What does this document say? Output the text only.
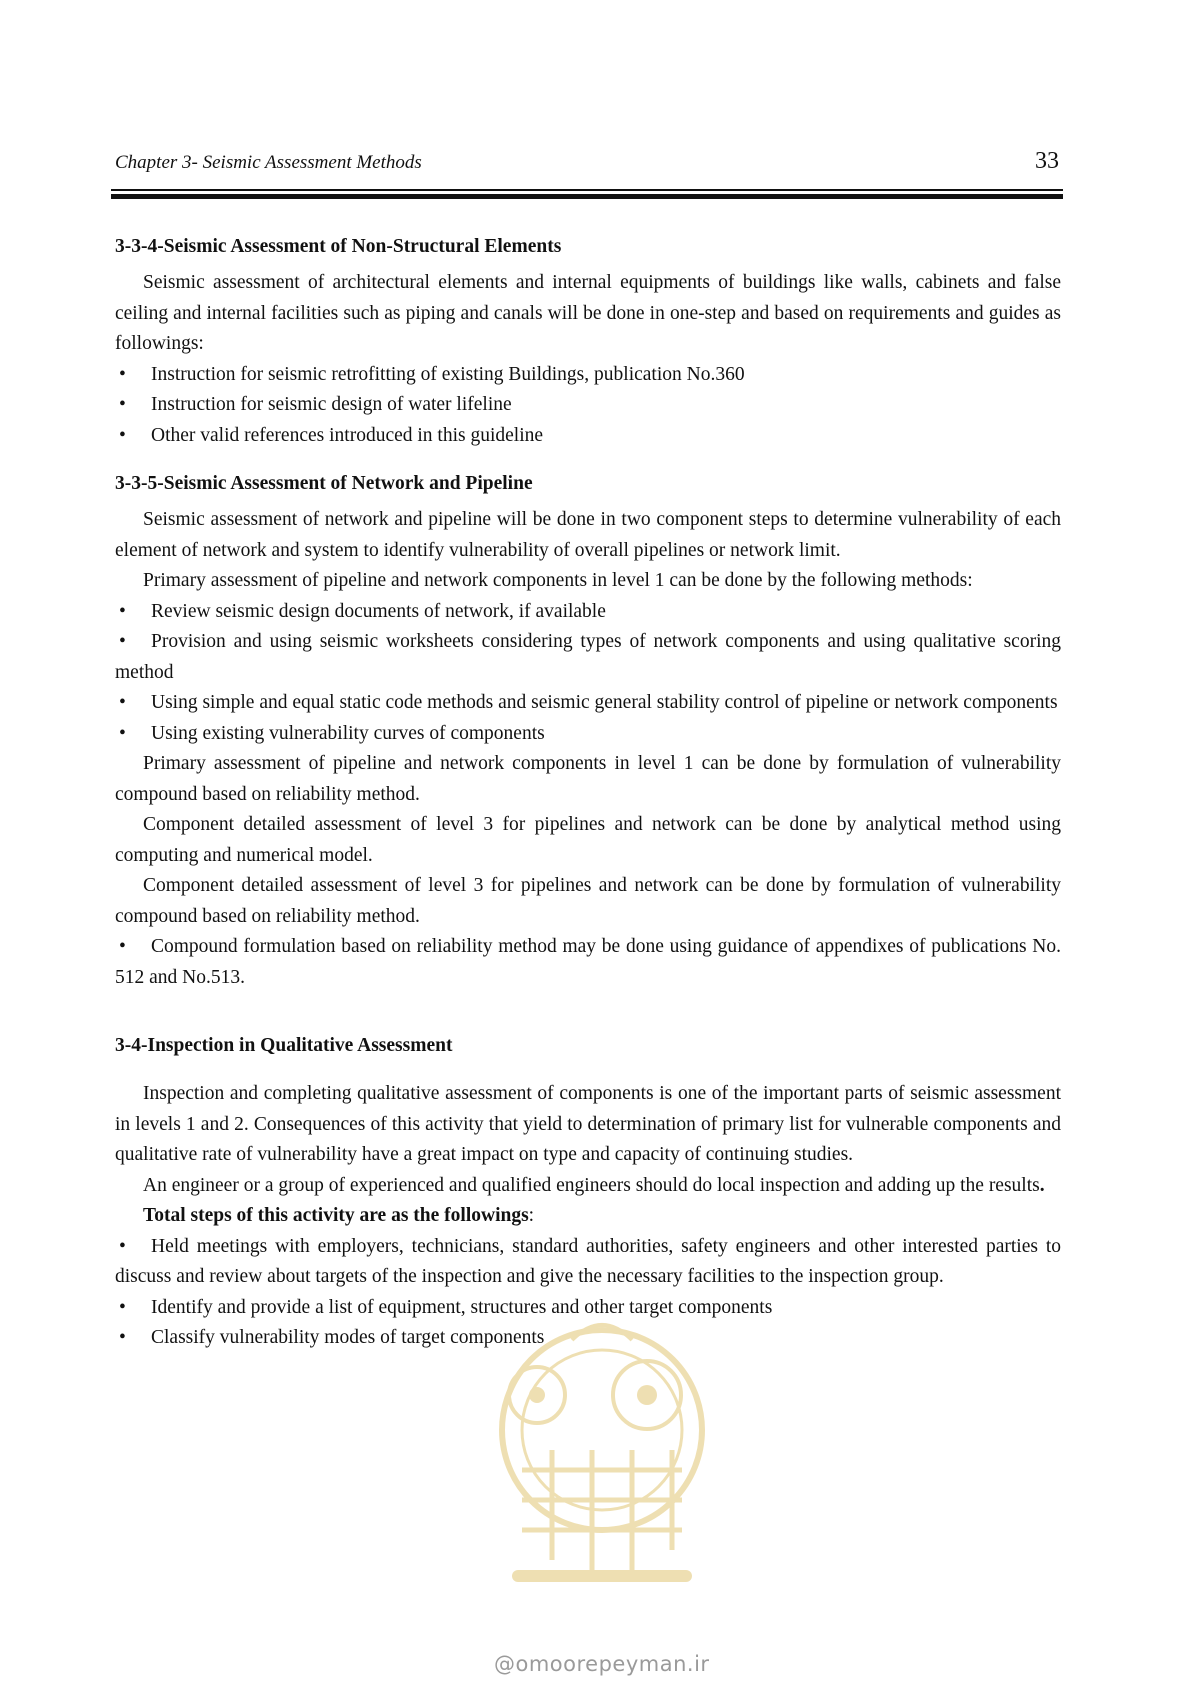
Chapter 3- Seismic Assessment Methods	33
3-3-4-Seismic Assessment of Non-Structural Elements

Seismic assessment of architectural elements and internal equipments of buildings like walls, cabinets and false ceiling and internal facilities such as piping and canals will be done in one-step and based on requirements and guides as followings:

• Instruction for seismic retrofitting of existing Buildings, publication No.360
• Instruction for seismic design of water lifeline
• Other valid references introduced in this guideline
3-3-5-Seismic Assessment of Network and Pipeline

Seismic assessment of network and pipeline will be done in two component steps to determine vulnerability of each element of network and system to identify vulnerability of overall pipelines or network limit.

Primary assessment of pipeline and network components in level 1 can be done by the following methods:

• Review seismic design documents of network, if available
• Provision and using seismic worksheets considering types of network components and using qualitative scoring method
• Using simple and equal static code methods and seismic general stability control of pipeline or network components
• Using existing vulnerability curves of components

Primary assessment of pipeline and network components in level 1 can be done by formulation of vulnerability compound based on reliability method.

Component detailed assessment of level 3 for pipelines and network can be done by analytical method using computing and numerical model.

Component detailed assessment of level 3 for pipelines and network can be done by formulation of vulnerability compound based on reliability method.

• Compound formulation based on reliability method may be done using guidance of appendixes of publications No. 512 and No.513.
3-4-Inspection in Qualitative Assessment

Inspection and completing qualitative assessment of components is one of the important parts of seismic assessment in levels 1 and 2. Consequences of this activity that yield to determination of primary list for vulnerable components and qualitative rate of vulnerability have a great impact on type and capacity of continuing studies.

An engineer or a group of experienced and qualified engineers should do local inspection and adding up the results.

Total steps of this activity are as the followings:

• Held meetings with employers, technicians, standard authorities, safety engineers and other interested parties to discuss and review about targets of the inspection and give the necessary facilities to the inspection group.
• Identify and provide a list of equipment, structures and other target components
• Classify vulnerability modes of target components
@omoorepeyman.ir
